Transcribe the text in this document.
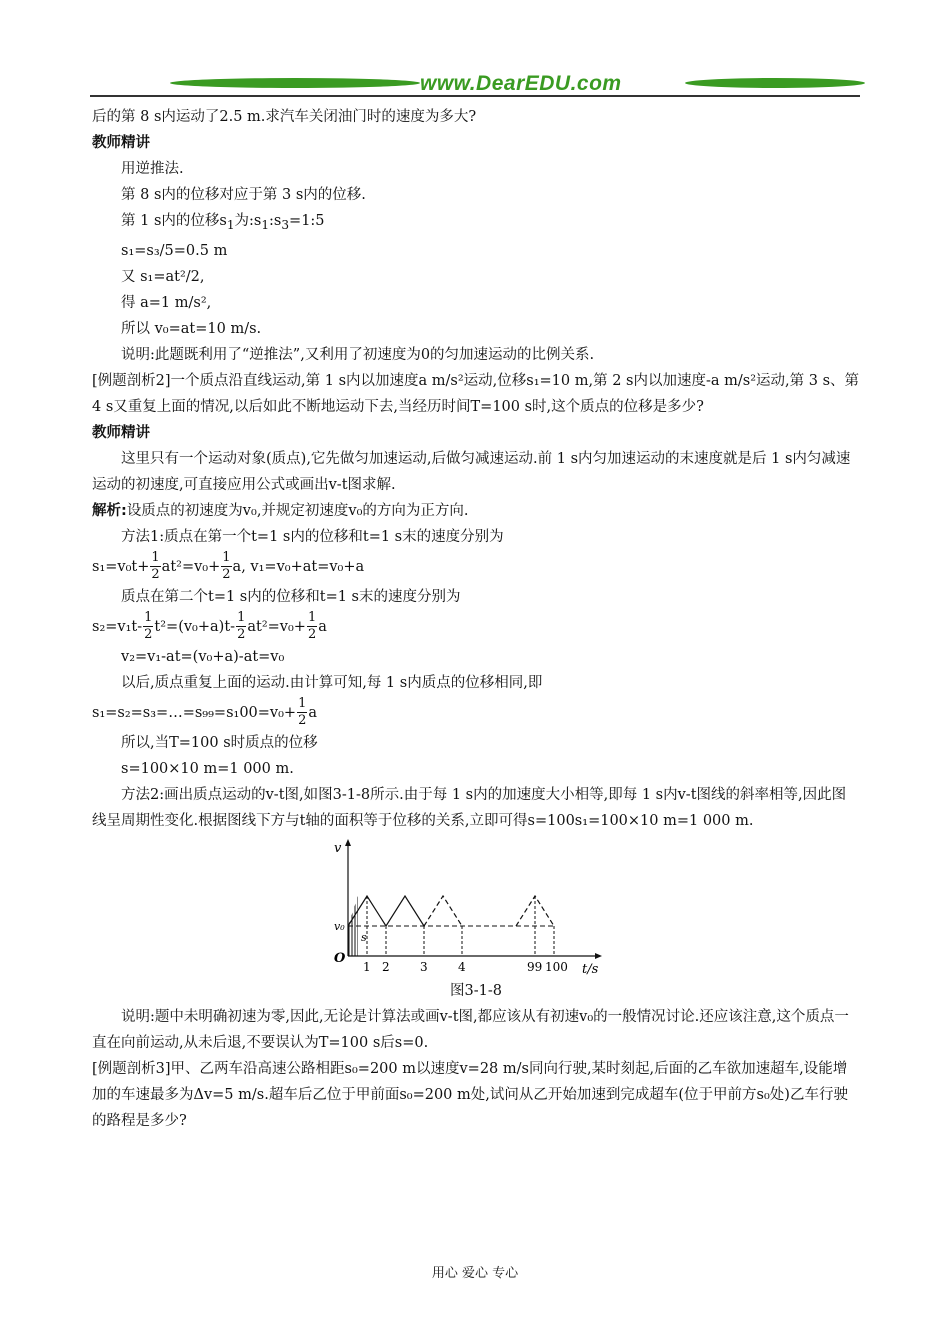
www.DearEDU.com

后的第 8 s内运动了2.5 m.求汽车关闭油门时的速度为多大?

教师精讲

用逆推法.

第 8 s内的位移对应于第 3 s内的位移.

第 1 s内的位移$s_1$为$:s_1:s_3=1:5$

s₁=s₃/5=0.5 m

又 s₁=at²/2,

得 a=1 m/s²,

所以 v₀=at=10 m/s.

说明:此题既利用了“逆推法”,又利用了初速度为0的匀加速运动的比例关系.

[例题剖析2]一个质点沿直线运动,第 1 s内以加速度a m/s²运动,位移s₁=10 m,第 2 s内以加速度-a m/s²运动,第 3 s、第 4 s又重复上面的情况,以后如此不断地运动下去,当经历时间T=100 s时,这个质点的位移是多少?

教师精讲

这里只有一个运动对象(质点),它先做匀加速运动,后做匀减速运动.前 1 s内匀加速运动的末速度就是后 1 s内匀减速运动的初速度,可直接应用公式或画出v-t图求解.

解析:设质点的初速度为v₀,并规定初速度v₀的方向为正方向.

方法1:质点在第一个t=1 s内的位移和t=1 s末的速度分别为

$s_1=v_0t+ \frac{1}{2} at^2=v_0+ \frac{1}{2} a$, v₁=v₀+at=v₀+a

质点在第二个t=1 s内的位移和t=1 s末的速度分别为

$s_2=v_1t- \frac{1}{2} t^2=(v_0+a)t- \frac{1}{2} at^2=v_0+ \frac{1}{2}$ a

v₂=v₁-at=(v₀+a)-at=v₀

以后,质点重复上面的运动.由计算可知,每 1 s内质点的位移相同,即

s₁=s₂=s₃=…=s₉₉=s₁00=v₀+ $\frac{1}{2}$ a

所以,当T=100 s时质点的位移

s=100×10 m=1 000 m.

方法2:画出质点运动的v-t图,如图3-1-8所示.由于每 1 s内的加速度大小相等,即每 1 s内v-t图线的斜率相等,因此图线呈周期性变化.根据图线下方与t轴的面积等于位移的关系,立即可得s=100s₁=100×10 m=1 000 m.

v
v₀
O
s
1 2	3	4	99 100 t/s

图3-1-8

说明:题中未明确初速为零,因此,无论是计算法或画v-t图,都应该从有初速v₀的一般情况讨论.还应该注意,这个质点一直在向前运动,从未后退,不要误认为T=100 s后s=0.

[例题剖析3]甲、乙两车沿高速公路相距s₀=200 m以速度v=28 m/s同向行驶,某时刻起,后面的乙车欲加速超车,设能增加的车速最多为Δv=5 m/s.超车后乙位于甲前面s₀=200 m处,试问从乙开始加速到完成超车(位于甲前方s₀处)乙车行驶的路程是多少?

用心 爱心 专心
